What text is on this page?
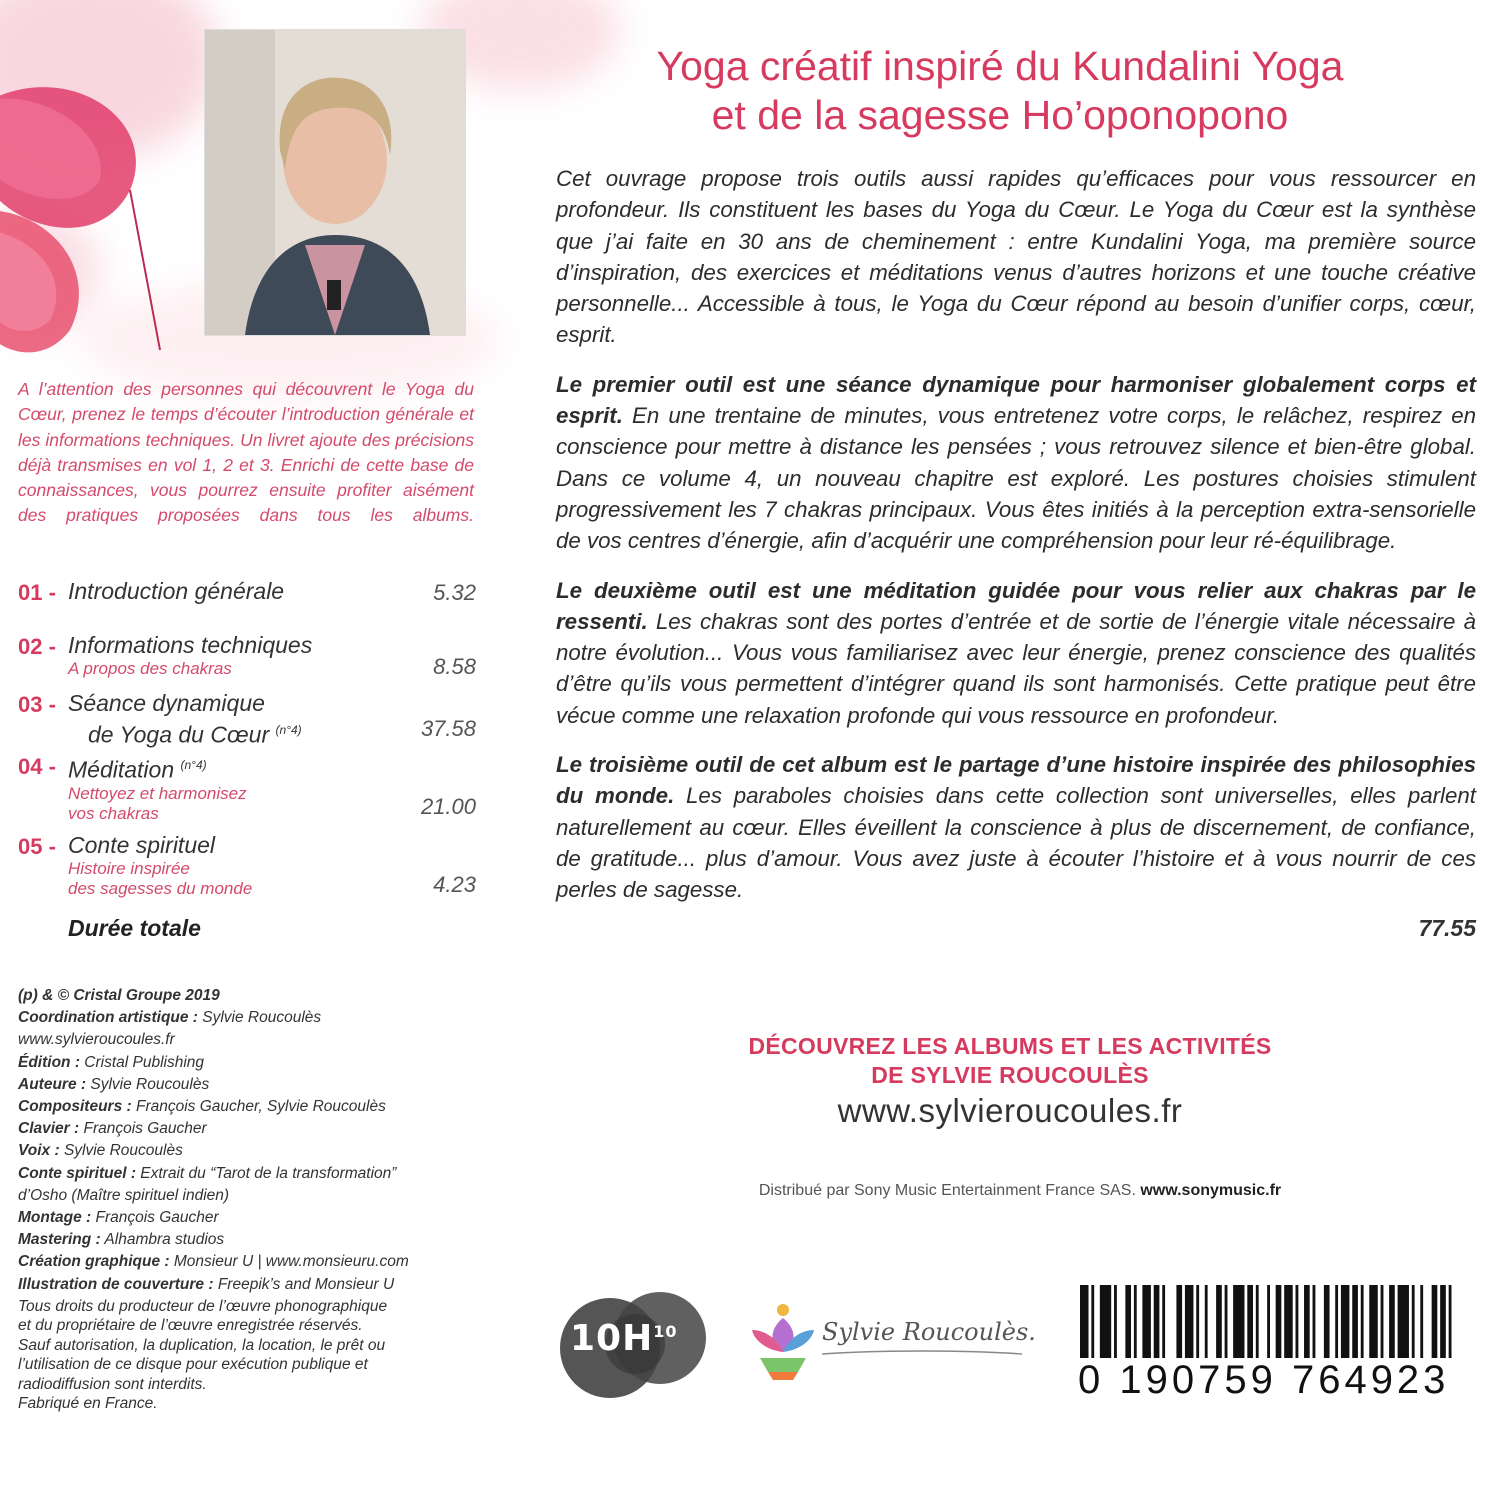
A l’attention des personnes qui découvrent le Yoga du Cœur, prenez le temps d’écouter l’introduction générale et les informations techniques. Un livret ajoute des précisions déjà transmises en vol 1, 2 et 3. Enrichi de cette base de connaissances, vous pourrez ensuite profiter aisément des pratiques proposées dans tous les albums.
01 - Introduction générale	5.32
02 - Informations techniques
A propos des chakras	8.58
03 - Séance dynamique
de Yoga du Cœur $^{(n^\circ 4)}$	37.58
04 - Méditation $^{(n^\circ 4)}$
Nettoyez et harmonisez
vos chakras	21.00
05 - Conte spirituel
Histoire inspirée
des sagesses du monde	4.23
Durée totale	77.55
(p) & © Cristal Groupe 2019
Coordination artistique : Sylvie Roucoulès
www.sylvieroucoules.fr
Édition : Cristal Publishing
Auteure : Sylvie Roucoulès
Compositeurs : François Gaucher, Sylvie Roucoulès
Clavier : François Gaucher
Voix : Sylvie Roucoulès
Conte spirituel : Extrait du “Tarot de la transformation”
d’Osho (Maître spirituel indien)
Montage : François Gaucher
Mastering : Alhambra studios
Création graphique : Monsieur U | www.monsieuru.com
Illustration de couverture : Freepik’s and Monsieur U
Tous droits du producteur de l’œuvre phonographique
et du propriétaire de l’œuvre enregistrée réservés.
Sauf autorisation, la duplication, la location, le prêt ou
l’utilisation de ce disque pour exécution publique et
radiodiffusion sont interdits.
Fabriqué en France.
Yoga créatif inspiré du Kundalini Yoga
et de la sagesse Ho’oponopono

Cet ouvrage propose trois outils aussi rapides qu’efficaces pour vous ressourcer en profondeur. Ils constituent les bases du Yoga du Cœur. Le Yoga du Cœur est la synthèse que j’ai faite en 30 ans de cheminement : entre Kundalini Yoga, ma première source d’inspiration, des exercices et méditations venus d’autres horizons et une touche créative personnelle... Accessible à tous, le Yoga du Cœur répond au besoin d’unifier corps, cœur, esprit.

Le premier outil est une séance dynamique pour harmoniser globalement corps et esprit. En une trentaine de minutes, vous entretenez votre corps, le relâchez, respirez en conscience pour mettre à distance les pensées ; vous retrouvez silence et bien-être global. Dans ce volume 4, un nouveau chapitre est exploré. Les postures choisies stimulent progressivement les 7 chakras principaux. Vous êtes initiés à la perception extra-sensorielle de vos centres d’énergie, afin d’acquérir une compréhension pour leur ré-équilibrage.

Le deuxième outil est une méditation guidée pour vous relier aux chakras par le ressenti. Les chakras sont des portes d’entrée et de sortie de l’énergie vitale nécessaire à notre évolution... Vous vous familiarisez avec leur énergie, prenez conscience des qualités d’être qu’ils vous permettent d’intégrer quand ils sont harmonisés. Cette pratique peut être vécue comme une relaxation profonde qui vous ressource en profondeur.

Le troisième outil de cet album est le partage d’une histoire inspirée des philosophies du monde. Les paraboles choisies dans cette collection sont universelles, elles parlent naturellement au cœur. Elles éveillent la conscience à plus de discernement, de confiance, de gratitude... plus d’amour. Vous avez juste à écouter l’histoire et à vous nourrir de ces perles de sagesse.

DÉCOUVREZ LES ALBUMS ET LES ACTIVITÉS
DE SYLVIE ROUCOULÈS
www.sylvieroucoules.fr
Distribué par Sony Music Entertainment France SAS. www.sonymusic.fr
$10H^{10}$	Sylvie Roucoulès.
0 190759 764923
